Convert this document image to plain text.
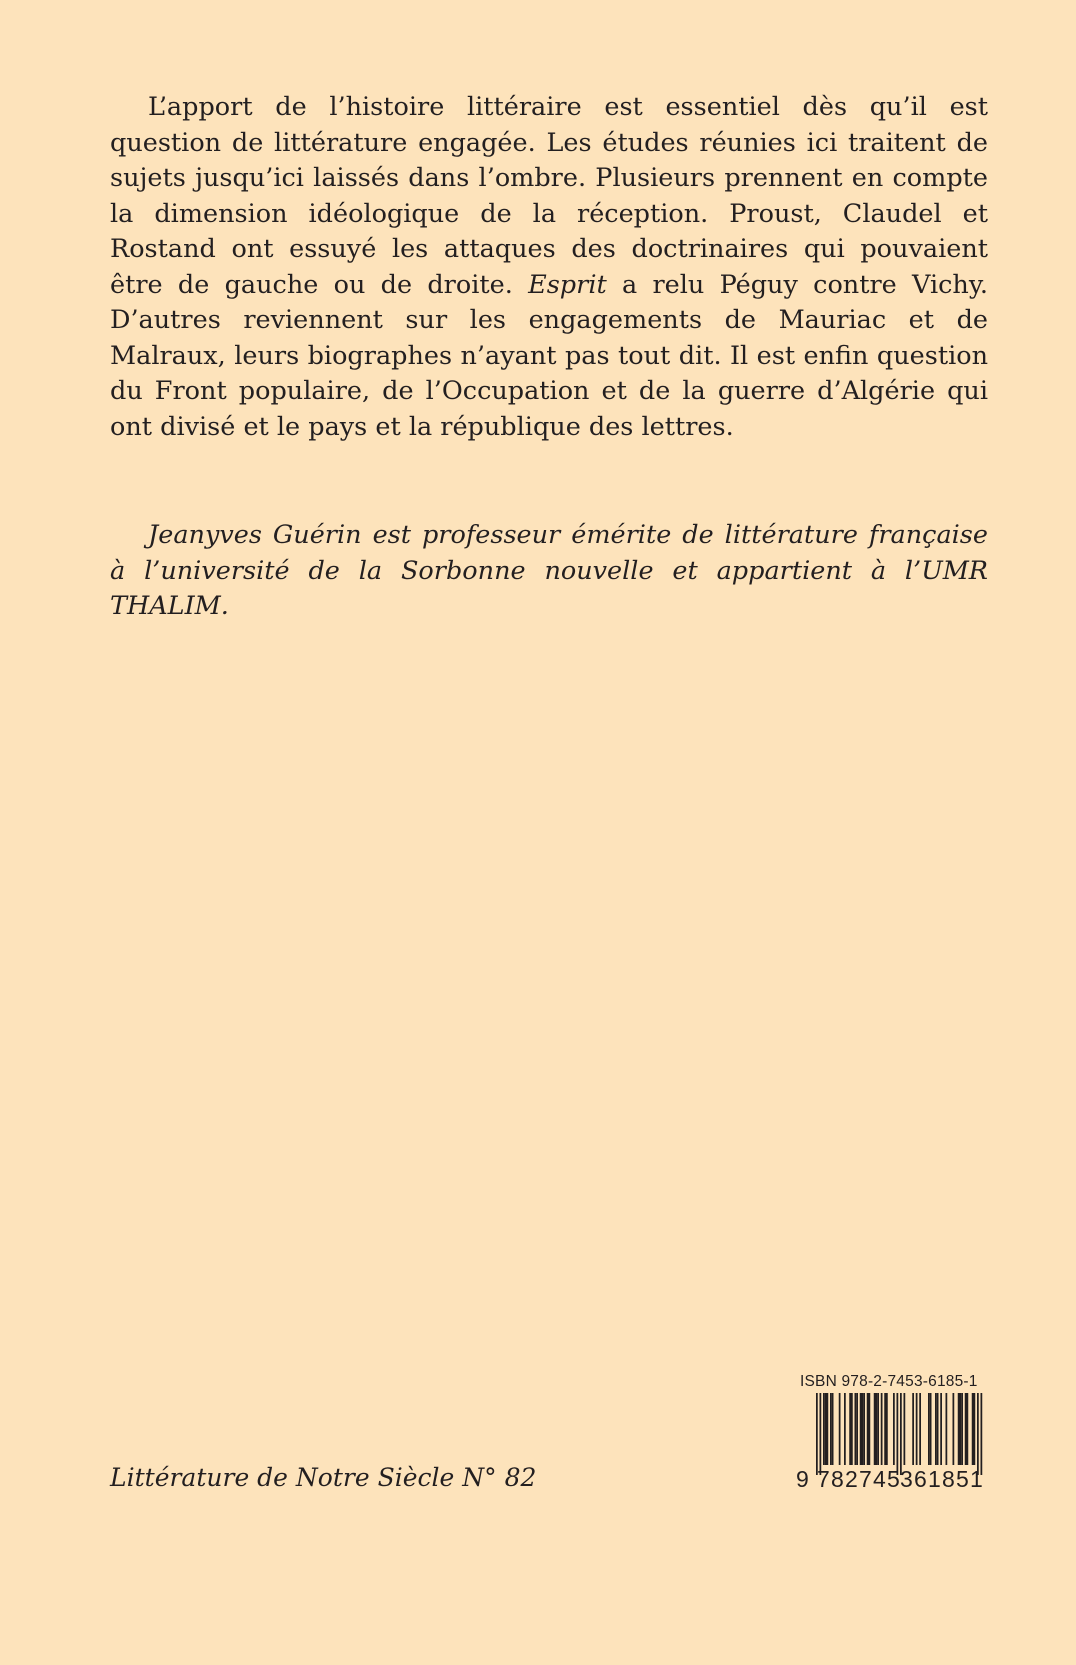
L’apport de l’histoire littéraire est essentiel dès qu’il est question de littérature engagée. Les études réunies ici traitent de sujets jusqu’ici laissés dans l’ombre. Plusieurs prennent en compte la dimension idéologique de la réception. Proust, Claudel et Rostand ont essuyé les attaques des doctrinaires qui pouvaient être de gauche ou de droite. Esprit a relu Péguy contre Vichy. D’autres reviennent sur les engagements de Mauriac et de Malraux, leurs biographes n’ayant pas tout dit. Il est enfin question du Front populaire, de l’Occupation et de la guerre d’Algérie qui ont divisé et le pays et la république des lettres.

Jeanyves Guérin est professeur émérite de littérature française à l’université de la Sorbonne nouvelle et appartient à l’UMR THALIM.

Littérature de Notre Siècle N° 82

ISBN 978-2-7453-6185-1
9 782745 361851
